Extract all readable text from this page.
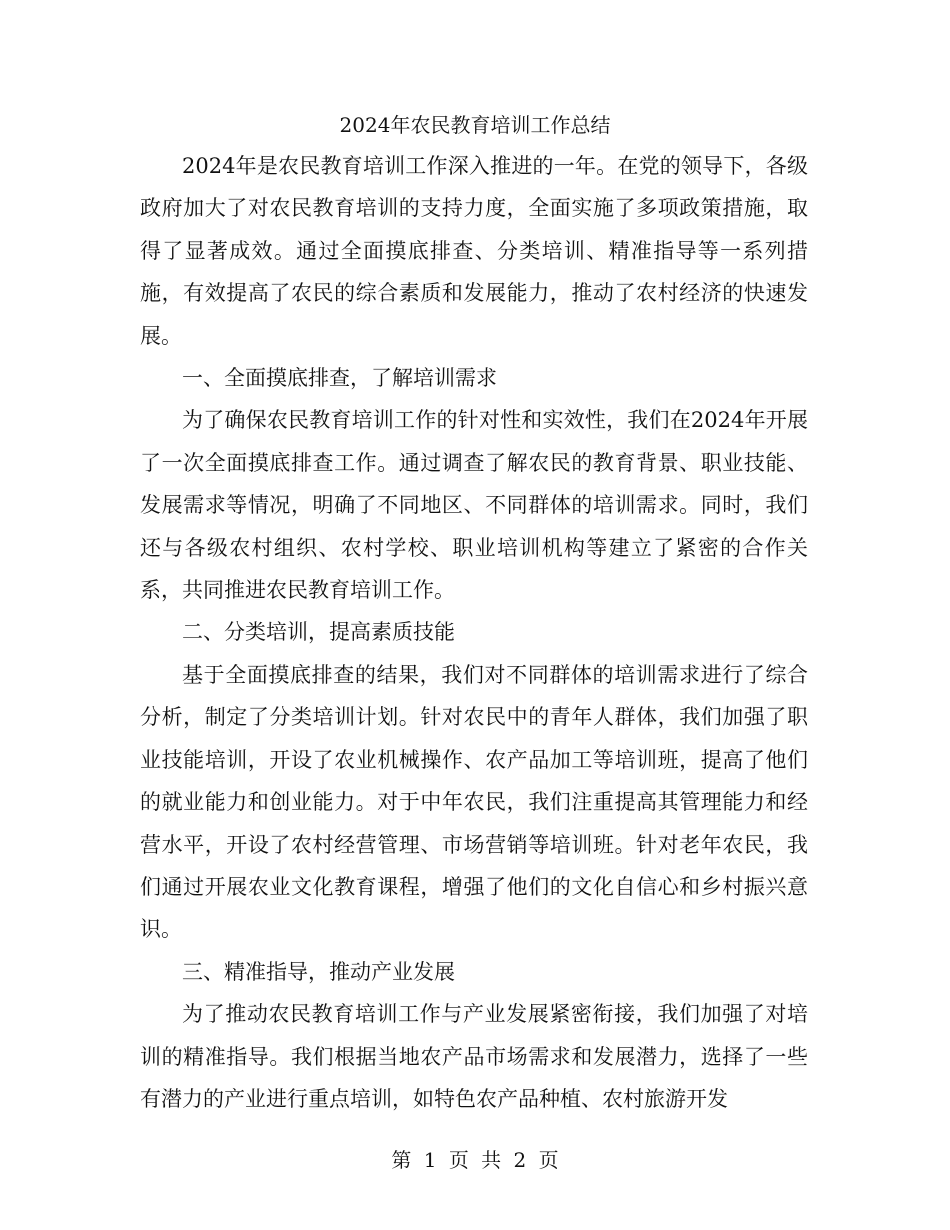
2024年农民教育培训工作总结

2024年是农民教育培训工作深入推进的一年。在党的领导下，各级政府加大了对农民教育培训的支持力度，全面实施了多项政策措施，取得了显著成效。通过全面摸底排查、分类培训、精准指导等一系列措施，有效提高了农民的综合素质和发展能力，推动了农村经济的快速发展。

一、全面摸底排查，了解培训需求

为了确保农民教育培训工作的针对性和实效性，我们在2024年开展了一次全面摸底排查工作。通过调查了解农民的教育背景、职业技能、发展需求等情况，明确了不同地区、不同群体的培训需求。同时，我们还与各级农村组织、农村学校、职业培训机构等建立了紧密的合作关系，共同推进农民教育培训工作。

二、分类培训，提高素质技能

基于全面摸底排查的结果，我们对不同群体的培训需求进行了综合分析，制定了分类培训计划。针对农民中的青年人群体，我们加强了职业技能培训，开设了农业机械操作、农产品加工等培训班，提高了他们的就业能力和创业能力。对于中年农民，我们注重提高其管理能力和经营水平，开设了农村经营管理、市场营销等培训班。针对老年农民，我们通过开展农业文化教育课程，增强了他们的文化自信心和乡村振兴意识。

三、精准指导，推动产业发展

为了推动农民教育培训工作与产业发展紧密衔接，我们加强了对培训的精准指导。我们根据当地农产品市场需求和发展潜力，选择了一些有潜力的产业进行重点培训，如特色农产品种植、农村旅游开发

第 1 页 共 2 页
